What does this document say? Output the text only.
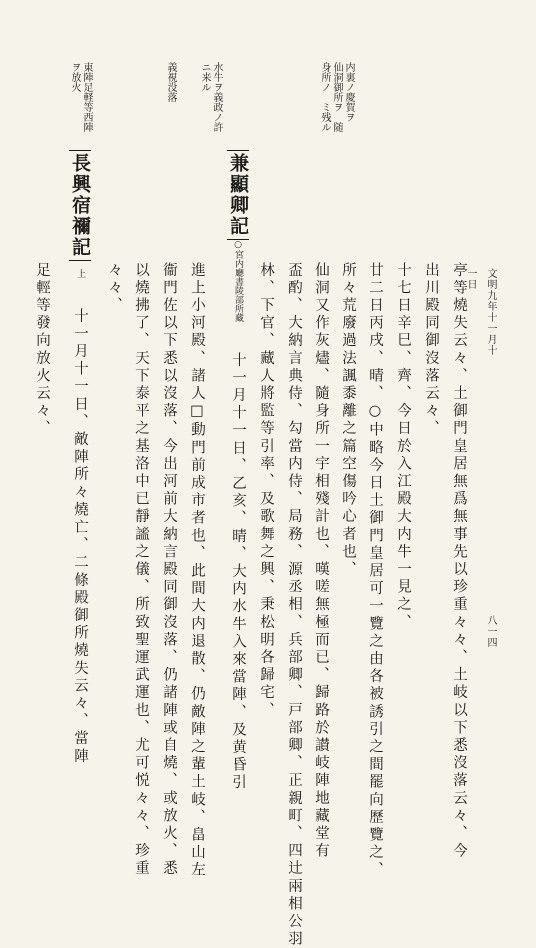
文明九年十一月十一日
八一四
内裏ノ慶賀ヲ　仙洞御所ヲ　随身所ノ　ミ残ル
水牛ヲ義政ノ許ニ来ル
義視没落
東陣足軽等西陣ヲ放火
亭等燒失云々、土御門皇居無爲無事先以珍重々々、土岐以下悉沒落云々、今
出川殿同御沒落云々、
十七日辛巳、齊、今日於入江殿大内牛一見之、
廿二日丙戌、晴、○中略今日土御門皇居可一覽之由各被誘引之間罷向歷覽之、
所々荒廢過法諷黍離之篇空傷吟心者也、
仙洞又作灰燼、隨身所一宇相殘計也、嘆嗟無極而已、歸路於讃岐陣地藏堂有
盃酌、大納言典侍、勾當内侍、局務、源丞相、兵部卿、戸部卿、正親町、四辻兩相公羽
林、下官、藏人將監等引率、及歌舞之興、秉松明各歸宅、
兼顯卿記○宮内廳書陵部所藏十一月十一日、乙亥、晴、大内水牛入來當陣、及黄昏引
進上小河殿、諸人□動門前成市者也、此間大内退散、仍敵陣之輩土岐、畠山左
衞門佐以下悉以沒落、今出河前大納言殿同御沒落、仍諸陣或自燒、或放火、悉
以燒拂了、天下泰平之基洛中已靜謐之儀、所致聖運武運也、尤可悦々々、珍重
々々、
長興宿禰記上十一月十一日、敵陣所々燒亡、二條殿御所燒失云々、當陣
足輕等發向放火云々、
